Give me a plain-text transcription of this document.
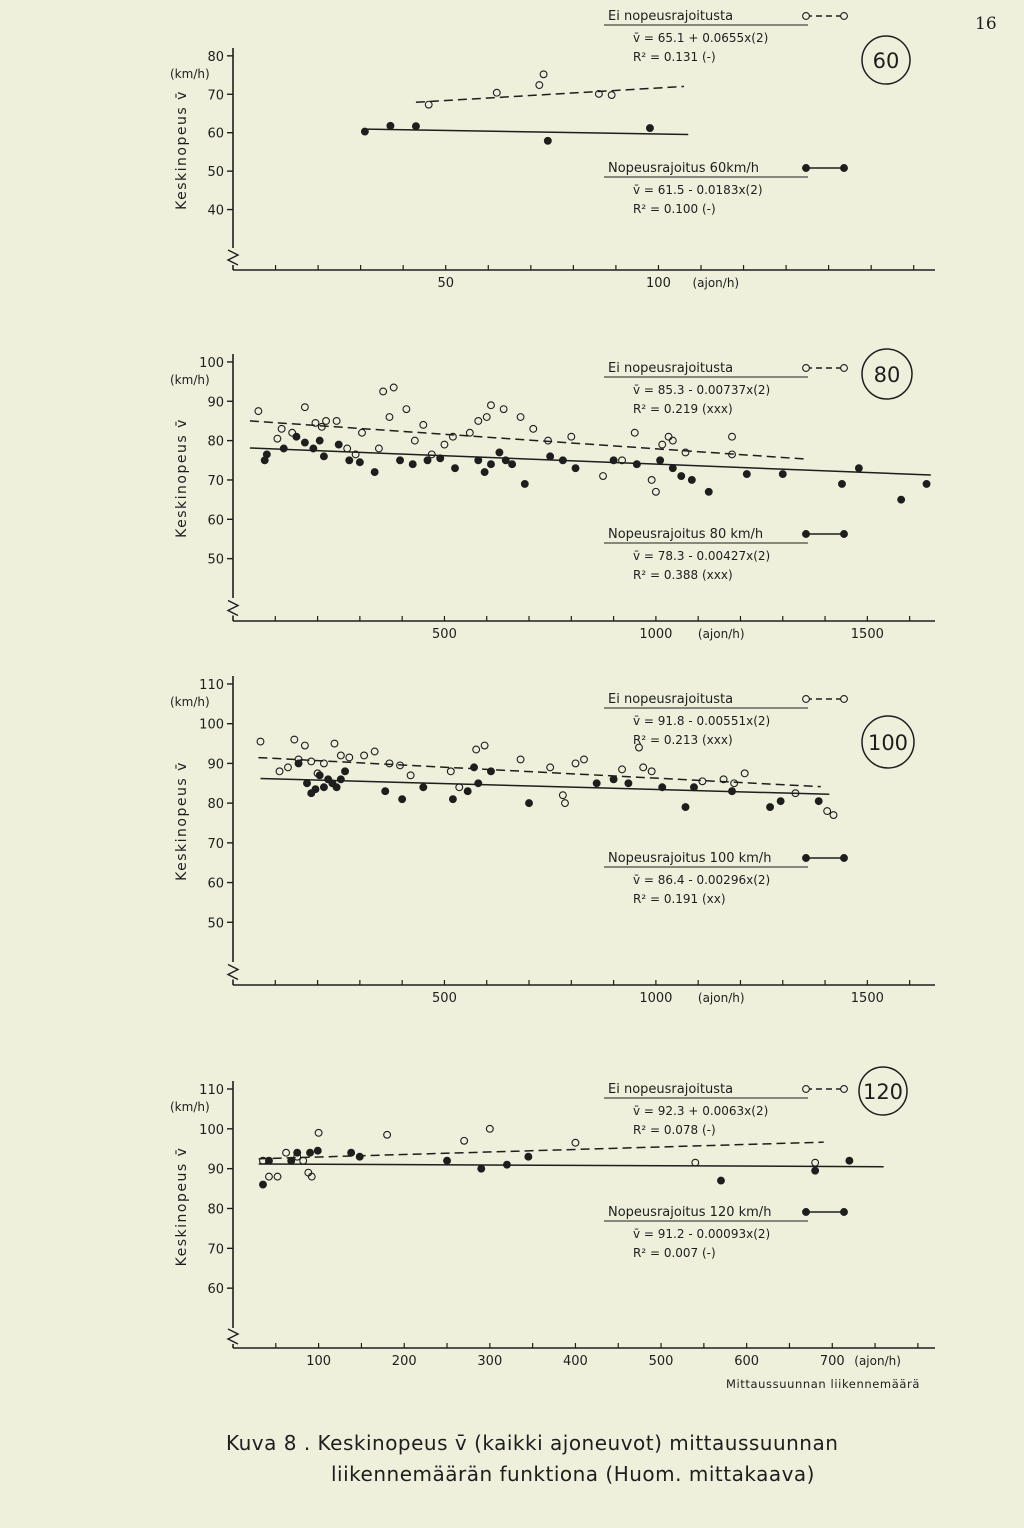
16
40
50
60
70
80
50	100 (ajon/h)
Keskinopeus v̄
(km/h)
Ei nopeusrajoitusta
v̄ = 65.1 + 0.0655x(2)
R² = 0.131 (-)
Nopeusrajoitus 60km/h
v̄ = 61.5 - 0.0183x(2)
R² = 0.100 (-)
60
50
60
70
80
90
100
500	1000	1500
(ajon/h)
Keskinopeus v̄
(km/h)
Ei nopeusrajoitusta
v̄ = 85.3 - 0.00737x(2)
R² = 0.219 (xxx)
Nopeusrajoitus 80 km/h
v̄ = 78.3 - 0.00427x(2)
R² = 0.388 (xxx)
80
50
60
70
80
90
100
110
500	1000	1500
(ajon/h)
Keskinopeus v̄
(km/h)	Ei nopeusrajoitusta
v̄ = 91.8 - 0.00551x(2)
R² = 0.213 (xxx)
Nopeusrajoitus 100 km/h
v̄ = 86.4 - 0.00296x(2)
R² = 0.191 (xx)
100
60
70
80
90
100
110
100	200	300	400	500	600	700 (ajon/h)
Mittaussuunnan liikennemäärä
Keskinopeus v̄
(km/h)
Ei nopeusrajoitusta
v̄ = 92.3 + 0.0063x(2)
R² = 0.078 (-)
Nopeusrajoitus 120 km/h
v̄ = 91.2 - 0.00093x(2)
R² = 0.007 (-)
120
Kuva 8 . Keskinopeus v̄ (kaikki ajoneuvot) mittaussuunnan
liikennemäärän funktiona (Huom. mittakaava)
